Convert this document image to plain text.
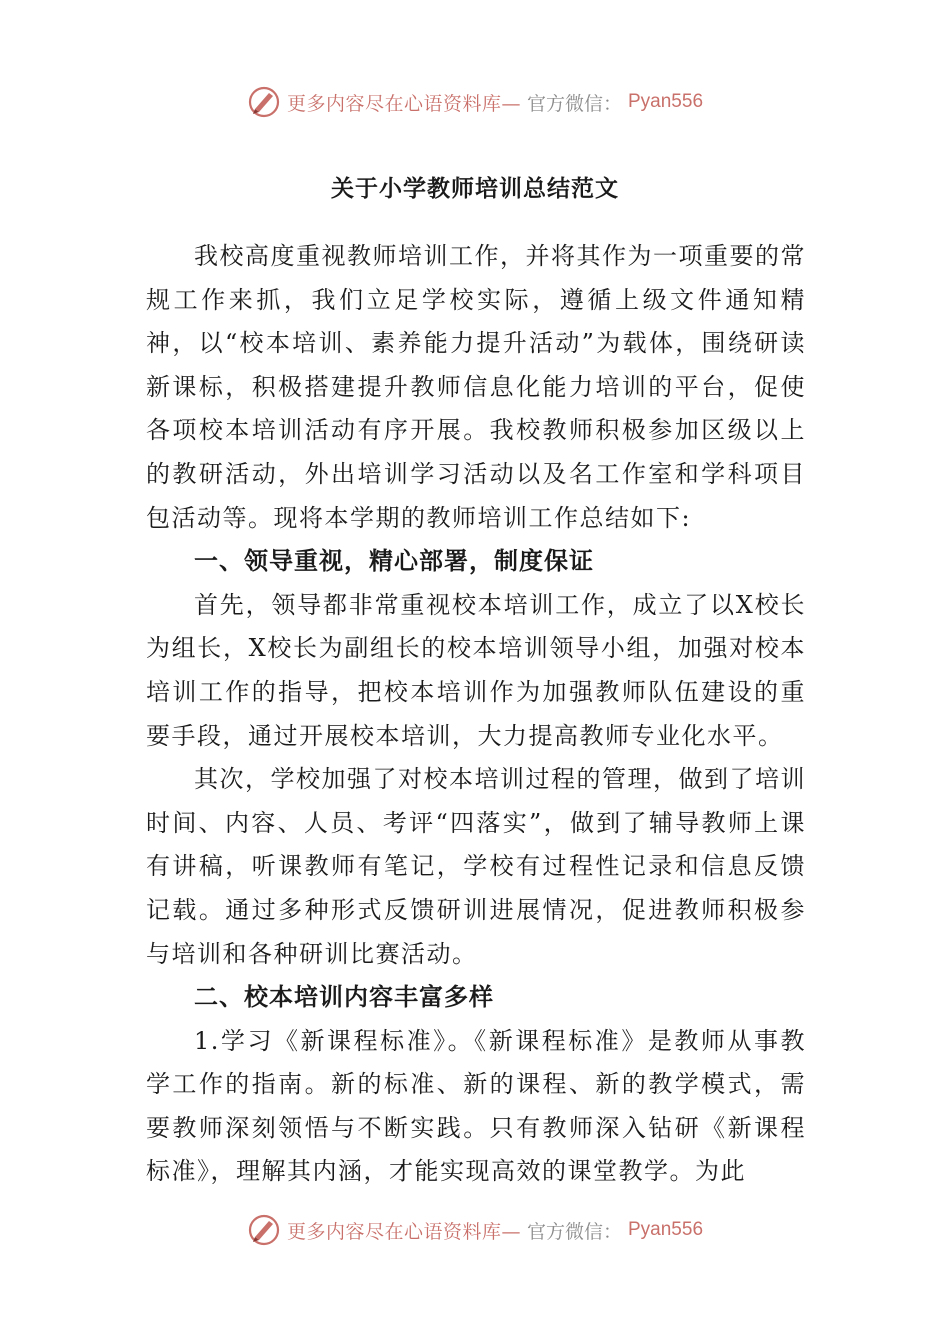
更多内容尽在心语资料库— 官方微信： Pyan556
关于小学教师培训总结范文

我校高度重视教师培训工作，并将其作为一项重要的常规工作来抓，我们立足学校实际，遵循上级文件通知精神，以“校本培训、素养能力提升活动”为载体，围绕研读新课标，积极搭建提升教师信息化能力培训的平台，促使各项校本培训活动有序开展。我校教师积极参加区级以上的教研活动，外出培训学习活动以及名工作室和学科项目包活动等。现将本学期的教师培训工作总结如下:

一、领导重视，精心部署，制度保证

首先，领导都非常重视校本培训工作，成立了以X校长为组长，X校长为副组长的校本培训领导小组，加强对校本培训工作的指导，把校本培训作为加强教师队伍建设的重要手段，通过开展校本培训，大力提高教师专业化水平。

其次，学校加强了对校本培训过程的管理，做到了培训时间、内容、人员、考评“四落实”，做到了辅导教师上课有讲稿，听课教师有笔记，学校有过程性记录和信息反馈记载。通过多种形式反馈研训进展情况，促进教师积极参与培训和各种研训比赛活动。

二、校本培训内容丰富多样

1.学习《新课程标准》。《新课程标准》是教师从事教学工作的指南。新的标准、新的课程、新的教学模式，需要教师深刻领悟与不断实践。只有教师深入钻研《新课程标准》，理解其内涵，才能实现高效的课堂教学。为此

更多内容尽在心语资料库— 官方微信： Pyan556
